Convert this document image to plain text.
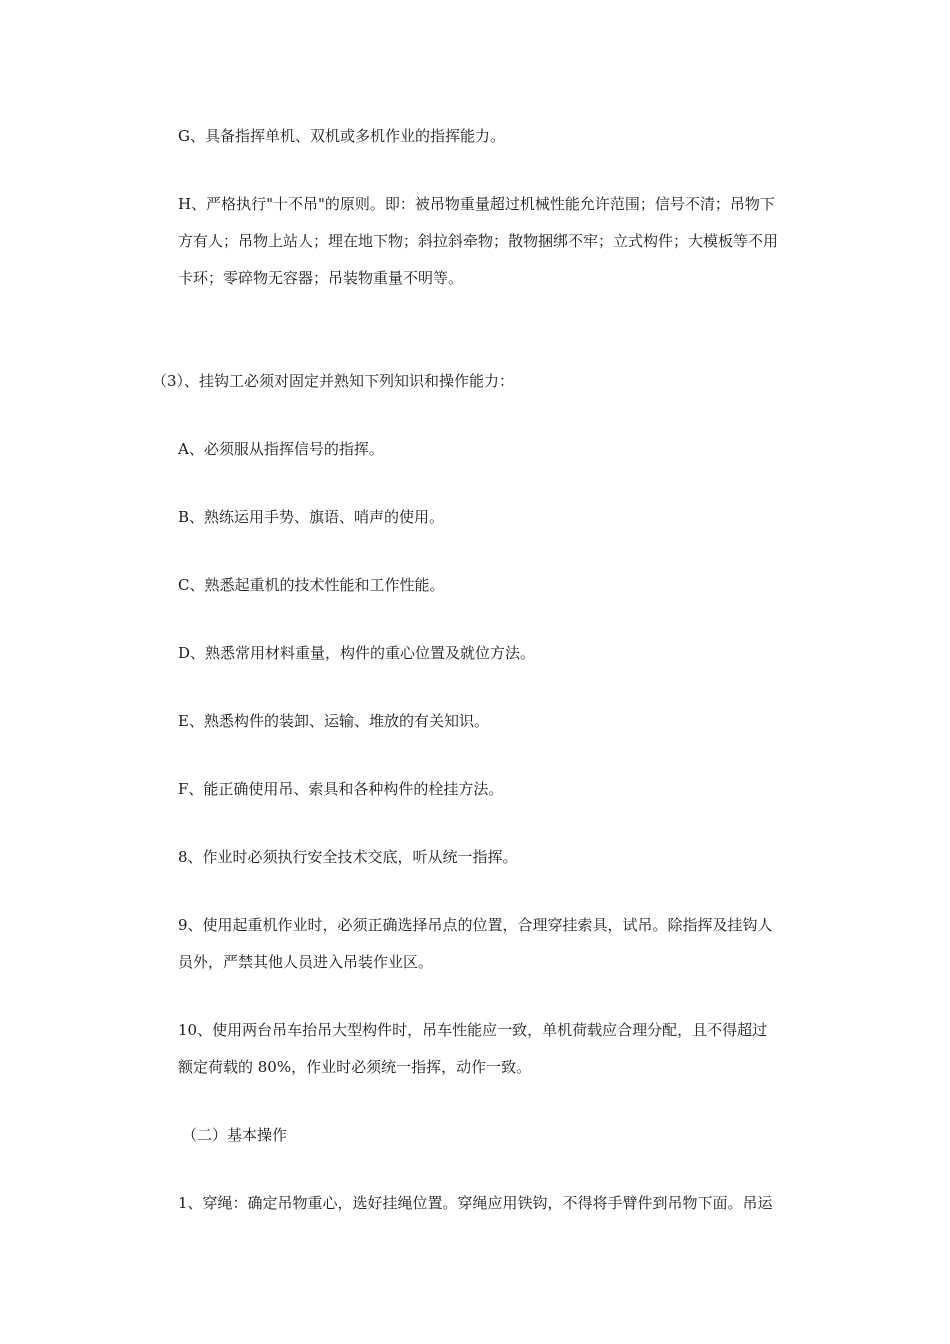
G、具备指挥单机、双机或多机作业的指挥能力。

H、严格执行"十不吊"的原则。即：被吊物重量超过机械性能允许范围；信号不清；吊物下
方有人；吊物上站人；埋在地下物；斜拉斜牵物；散物捆绑不牢；立式构件；大模板等不用
卡环；零碎物无容器；吊装物重量不明等。

（3）、挂钩工必须对固定并熟知下列知识和操作能力：

A、必须服从指挥信号的指挥。

B、熟练运用手势、旗语、哨声的使用。

C、熟悉起重机的技术性能和工作性能。

D、熟悉常用材料重量，构件的重心位置及就位方法。

E、熟悉构件的装卸、运输、堆放的有关知识。

F、能正确使用吊、索具和各种构件的栓挂方法。

8、作业时必须执行安全技术交底，听从统一指挥。

9、使用起重机作业时，必须正确选择吊点的位置，合理穿挂索具，试吊。除指挥及挂钩人
员外，严禁其他人员进入吊装作业区。

10、使用两台吊车抬吊大型构件时，吊车性能应一致，单机荷载应合理分配，且不得超过
额定荷载的 80%，作业时必须统一指挥，动作一致。

（二）基本操作

1、穿绳：确定吊物重心，选好挂绳位置。穿绳应用铁钩，不得将手臂件到吊物下面。吊运
